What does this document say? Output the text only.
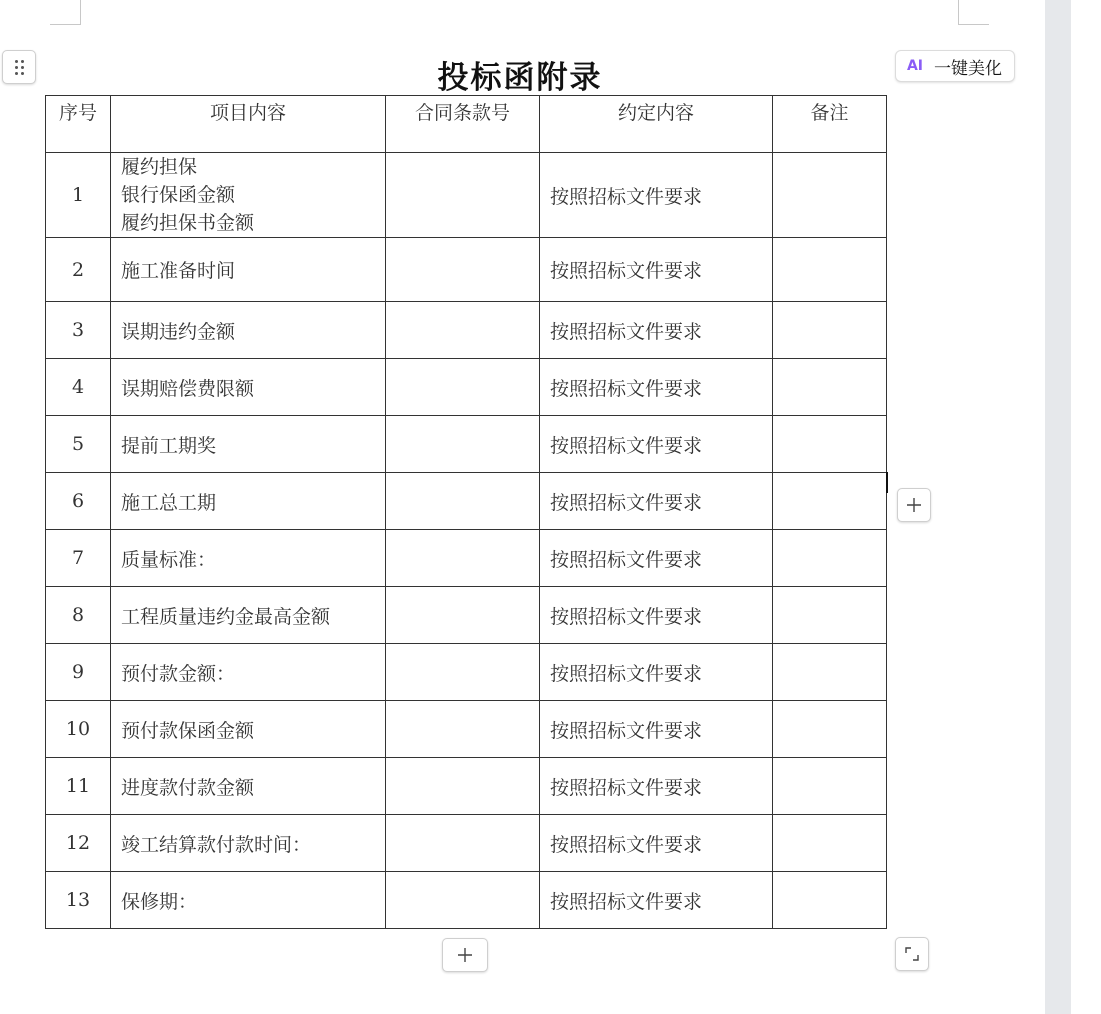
投标函附录	AI 一键美化
序号	项目内容	合同条款号	约定内容	备注
1	履约担保
银行保函金额
履约担保书金额		按照招标文件要求	
2	施工准备时间		按照招标文件要求	
3	误期违约金额		按照招标文件要求	
4	误期赔偿费限额		按照招标文件要求	
5	提前工期奖		按照招标文件要求	
6	施工总工期		按照招标文件要求	
7	质量标准：		按照招标文件要求	
8	工程质量违约金最高金额		按照招标文件要求	
9	预付款金额：		按照招标文件要求	
10	预付款保函金额		按照招标文件要求	
11	进度款付款金额		按照招标文件要求	
12	竣工结算款付款时间：		按照招标文件要求	
13	保修期：		按照招标文件要求	
